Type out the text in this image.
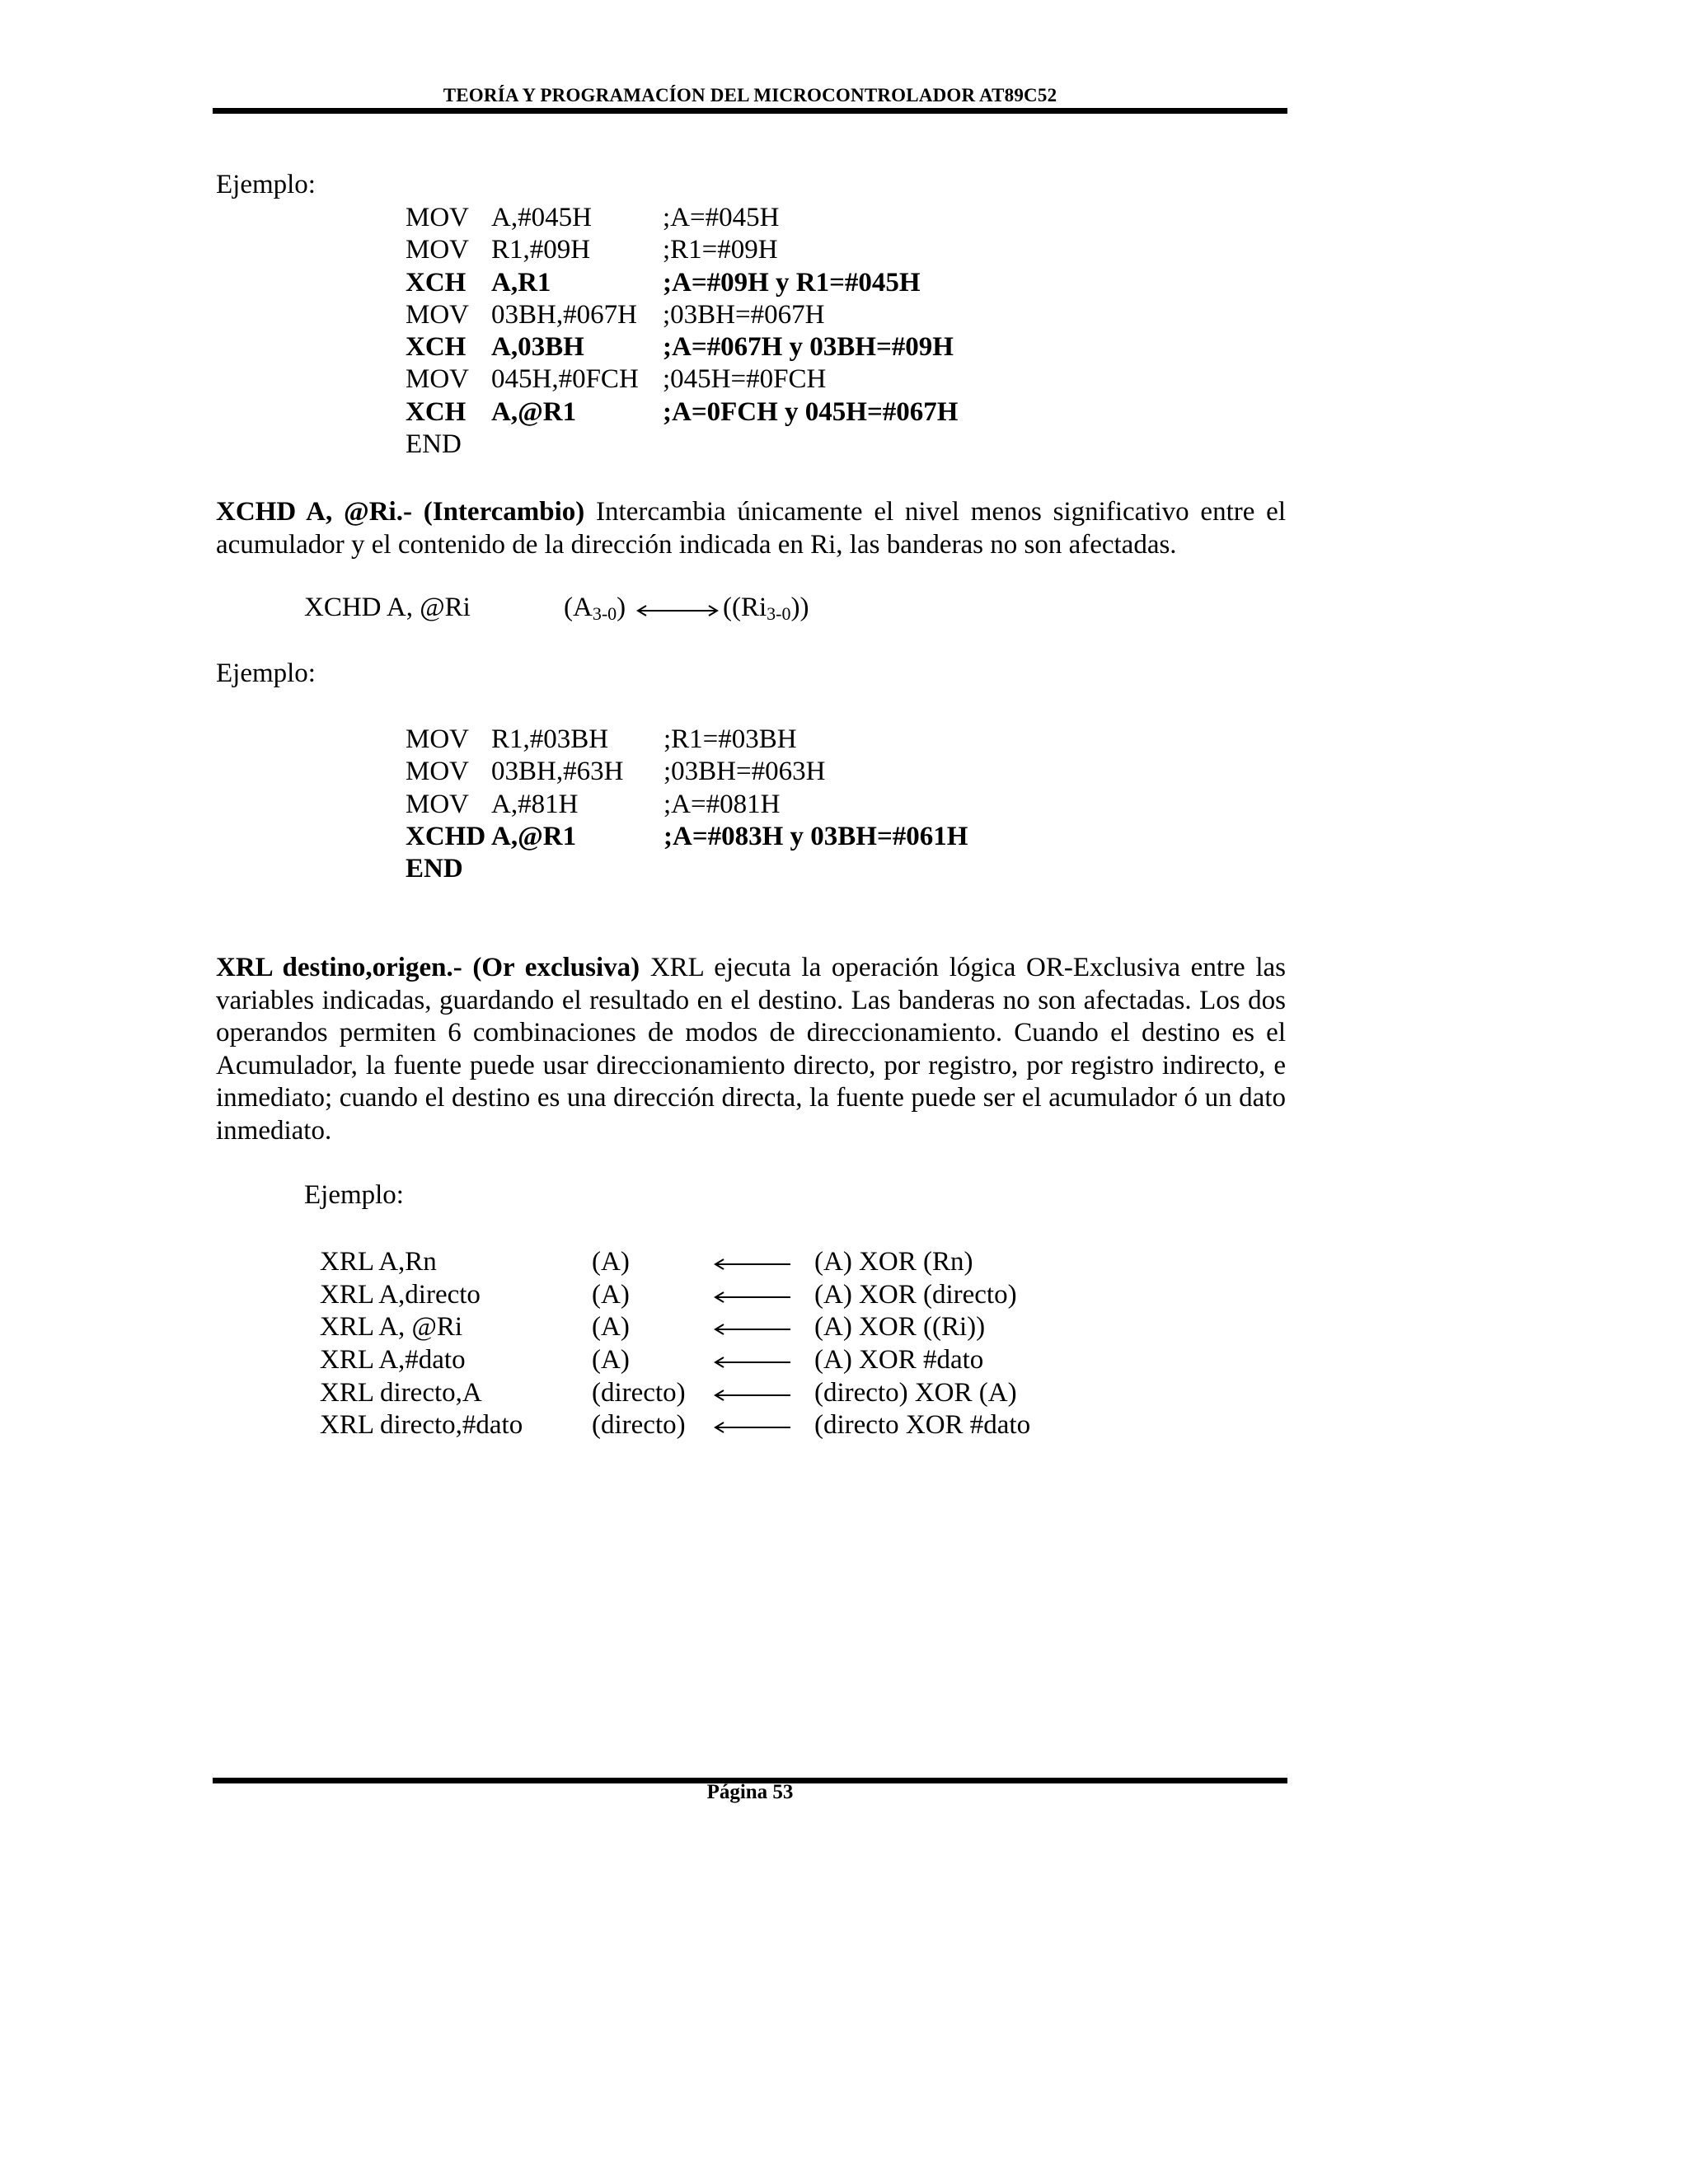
TEORÍA Y PROGRAMACÍON DEL MICROCONTROLADOR AT89C52
Ejemplo:
MOV A,#045H	;A=#045H
MOV R1,#09H	;R1=#09H
XCH A,R1	;A=#09H y R1=#045H
MOV 03BH,#067H ;03BH=#067H
XCH A,03BH	;A=#067H y 03BH=#09H
MOV 045H,#0FCH ;045H=#0FCH
XCH A,@R1	;A=0FCH y 045H=#067H
END
XCHD A, @Ri.- (Intercambio) Intercambia únicamente el nivel menos significativo entre el acumulador y el contenido de la dirección indicada en Ri, las banderas no son afectadas.
XCHD A, @Ri	$(A_{3-0})$	$((Ri_{3-0}))$
Ejemplo:
MOV R1,#03BH ;R1=#03BH
MOV 03BH,#63H ;03BH=#063H
MOV A,#81H	;A=#081H
XCHD A,@R1	;A=#083H y 03BH=#061H
END
XRL destino,origen.- (Or exclusiva) XRL ejecuta la operación lógica OR-Exclusiva entre las variables indicadas, guardando el resultado en el destino. Las banderas no son afectadas. Los dos operandos permiten 6 combinaciones de modos de direccionamiento. Cuando el destino es el Acumulador, la fuente puede usar direccionamiento directo, por registro, por registro indirecto, e inmediato; cuando el destino es una dirección directa, la fuente puede ser el acumulador ó un dato inmediato.
Ejemplo:
XRL A,Rn	(A)	(A) XOR (Rn)
XRL A,directo	(A)	(A) XOR (directo)
XRL A, @Ri	(A)	(A) XOR ((Ri))
XRL A,#dato	(A)	(A) XOR #dato
XRL directo,A	(directo)	(directo) XOR (A)
XRL directo,#dato	(directo)	(directo XOR #dato
Página 53
